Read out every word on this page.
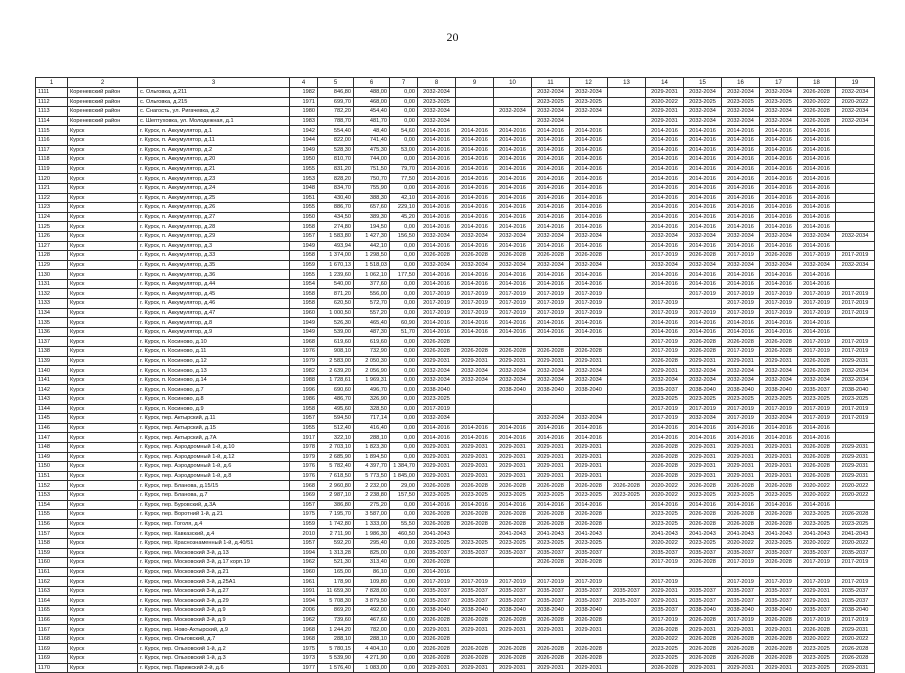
20
1	2	3	4	5	6	7	8	9	10	11	12	13	14	15	16	17	18	19
1111	Кореневский район	с. Ольговка, д.211	1982	846,80	488,00	0,00	2032-2034			2032-2034	2032-2034		2029-2031	2032-2034	2032-2034	2032-2034	2026-2028	2032-2034
1112	Кореневский район	с. Ольговка, д.215	1971	699,70	468,00	0,00	2023-2025			2023-2025	2023-2025		2020-2022	2023-2025	2023-2025	2023-2025	2020-2022	2020-2022
1113	Кореневский район	с. Снагость, ул. Ригачевка, д.2	1980	782,20	454,40	0,00	2032-2034		2032-2034	2032-2034	2032-2034		2029-2031	2032-2034	2032-2034	2032-2034	2026-2028	2032-2034
1114	Кореневский район	с. Шептуховка, ул. Молодежная, д.1	1983	788,70	481,70	0,00	2032-2034			2032-2034			2029-2031	2032-2034	2032-2034	2032-2034	2026-2028	2032-2034
1115	Курск	г. Курск, п. Аккумулятор, д.1	1942	554,40	48,40	54,60	2014-2016	2014-2016	2014-2016	2014-2016	2014-2016		2014-2016	2014-2016	2014-2016	2014-2016	2014-2016	
1116	Курск	г. Курск, п. Аккумулятор, д.11	1944	822,00	741,40	0,00	2014-2016	2014-2016	2014-2016	2014-2016	2014-2016		2014-2016	2014-2016	2014-2016	2014-2016	2014-2016	
1117	Курск	г. Курск, п. Аккумулятор, д.2	1949	528,30	475,30	53,00	2014-2016	2014-2016	2014-2016	2014-2016	2014-2016		2014-2016	2014-2016	2014-2016	2014-2016	2014-2016	
1118	Курск	г. Курск, п. Аккумулятор, д.20	1950	810,70	744,00	0,00	2014-2016	2014-2016	2014-2016	2014-2016	2014-2016		2014-2016	2014-2016	2014-2016	2014-2016	2014-2016	
1119	Курск	г. Курск, п. Аккумулятор, д.21	1955	831,20	751,50	79,70	2014-2016	2014-2016	2014-2016	2014-2016	2014-2016		2014-2016	2014-2016	2014-2016	2014-2016	2014-2016	
1120	Курск	г. Курск, п. Аккумулятор, д.23	1953	828,20	750,70	77,50	2014-2016	2014-2016	2014-2016	2014-2016	2014-2016		2014-2016	2014-2016	2014-2016	2014-2016	2014-2016	
1121	Курск	г. Курск, п. Аккумулятор, д.24	1948	834,70	755,90	0,00	2014-2016	2014-2016	2014-2016	2014-2016	2014-2016		2014-2016	2014-2016	2014-2016	2014-2016	2014-2016	
1122	Курск	г. Курск, п. Аккумулятор, д.25	1951	430,40	388,30	42,10	2014-2016	2014-2016	2014-2016	2014-2016	2014-2016		2014-2016	2014-2016	2014-2016	2014-2016	2014-2016	
1123	Курск	г. Курск, п. Аккумулятор, д.26	1955	886,70	657,60	229,10	2014-2016	2014-2016	2014-2016	2014-2016	2014-2016		2014-2016	2014-2016	2014-2016	2014-2016	2014-2016	
1124	Курск	г. Курск, п. Аккумулятор, д.27	1950	434,50	389,30	45,20	2014-2016	2014-2016	2014-2016	2014-2016	2014-2016		2014-2016	2014-2016	2014-2016	2014-2016	2014-2016	
1125	Курск	г. Курск, п. Аккумулятор, д.28	1958	274,80	194,50	0,00	2014-2016	2014-2016	2014-2016	2014-2016	2014-2016		2014-2016	2014-2016	2014-2016	2014-2016	2014-2016	
1126	Курск	г. Курск, п. Аккумулятор, д.29	1957	1 583,80	1 427,30	156,50	2032-2034	2032-2034	2032-2034	2032-2034	2032-2034		2032-2034	2032-2034	2032-2034	2032-2034	2032-2034	2032-2034
1127	Курск	г. Курск, п. Аккумулятор, д.3	1949	493,94	442,10	0,00	2014-2016	2014-2016	2014-2016	2014-2016	2014-2016		2014-2016	2014-2016	2014-2016	2014-2016	2014-2016	
1128	Курск	г. Курск, п. Аккумулятор, д.33	1958	1 374,00	1 298,50	0,00	2026-2028	2026-2028	2026-2028	2026-2028	2026-2028		2017-2019	2026-2028	2017-2019	2026-2028	2017-2019	2017-2019
1129	Курск	г. Курск, п. Аккумулятор, д.35	1959	1 670,13	1 518,03	0,00	2032-2034	2032-2034	2032-2034	2032-2034	2032-2034		2032-2034	2032-2034	2032-2034	2032-2034	2032-2034	2032-2034
1130	Курск	г. Курск, п. Аккумулятор, д.36	1955	1 239,60	1 062,10	177,50	2014-2016	2014-2016	2014-2016	2014-2016	2014-2016		2014-2016	2014-2016	2014-2016	2014-2016	2014-2016	
1131	Курск	г. Курск, п. Аккумулятор, д.44	1954	540,00	377,60	0,00	2014-2016	2014-2016	2014-2016	2014-2016	2014-2016		2014-2016	2014-2016	2014-2016	2014-2016	2014-2016	
1132	Курск	г. Курск, п. Аккумулятор, д.45	1958	871,20	556,00	0,00	2017-2019	2017-2019	2017-2019	2017-2019	2017-2019			2017-2019	2017-2019	2017-2019	2017-2019	2017-2019
1133	Курск	г. Курск, п. Аккумулятор, д.46	1958	620,50	572,70	0,00	2017-2019	2017-2019	2017-2019	2017-2019	2017-2019		2017-2019		2017-2019	2017-2019	2017-2019	2017-2019
1134	Курск	г. Курск, п. Аккумулятор, д.47	1960	1 000,50	557,20	0,00	2017-2019	2017-2019	2017-2019	2017-2019	2017-2019		2017-2019	2017-2019	2017-2019	2017-2019	2017-2019	2017-2019
1135	Курск	г. Курск, п. Аккумулятор, д.8	1949	526,30	465,40	60,90	2014-2016	2014-2016	2014-2016	2014-2016	2014-2016		2014-2016	2014-2016	2014-2016	2014-2016	2014-2016	
1136	Курск	г. Курск, п. Аккумулятор, д.9	1949	539,00	487,30	51,70	2014-2016	2014-2016	2014-2016	2014-2016	2014-2016		2014-2016	2014-2016	2014-2016	2014-2016	2014-2016	
1137	Курск	г. Курск, п. Косиново, д.10	1968	619,60	619,60	0,00	2026-2028						2017-2019	2026-2028	2026-2028	2026-2028	2017-2019	2017-2019
1138	Курск	г. Курск, п. Косиново, д.11	1976	908,10	732,90	0,00	2026-2028	2026-2028	2026-2028	2026-2028	2026-2028		2017-2019	2026-2028	2017-2019	2026-2028	2017-2019	2017-2019
1139	Курск	г. Курск, п. Косиново, д.12	1979	2 583,00	2 050,30	0,00	2029-2031	2029-2031	2029-2031	2029-2031	2029-2031		2026-2028	2029-2031	2029-2031	2029-2031	2026-2028	2029-2031
1140	Курск	г. Курск, п. Косиново, д.13	1982	2 639,20	2 056,90	0,00	2032-2034	2032-2034	2032-2034	2032-2034	2032-2034		2029-2031	2032-2034	2032-2034	2032-2034	2026-2028	2032-2034
1141	Курск	г. Курск, п. Косиново, д.14	1988	1 728,61	1 969,31	0,00	2032-2034	2032-2034	2032-2034	2032-2034	2032-2034		2032-2034	2032-2034	2032-2034	2032-2034	2032-2034	2032-2034
1142	Курск	г. Курск, п. Косиново, д.7	1996	690,60	496,70	0,00	2038-2040		2038-2040	2038-2040	2038-2040		2035-2037	2038-2040	2038-2040	2038-2040	2035-2037	2038-2040
1143	Курск	г. Курск, п. Косиново, д.8	1986	486,70	326,90	0,00	2023-2025						2023-2025	2023-2025	2023-2025	2023-2025	2023-2025	2023-2025
1144	Курск	г. Курск, п. Косиново, д.9	1958	495,60	328,50	0,00	2017-2019						2017-2019	2017-2019	2017-2019	2017-2019	2017-2019	2017-2019
1145	Курск	г. Курск, пер. Актырский, д.11	1957	594,50	717,14	0,00	2032-2034			2032-2034	2032-2034		2017-2019	2032-2034	2017-2019	2032-2034	2017-2019	2017-2019
1146	Курск	г. Курск, пер. Актырский, д.15	1955	512,40	416,40	0,00	2014-2016	2014-2016	2014-2016	2014-2016	2014-2016		2014-2016	2014-2016	2014-2016	2014-2016	2014-2016	
1147	Курск	г. Курск, пер. Актырский, д.7А	1917	322,10	288,10	0,00	2014-2016	2014-2016	2014-2016	2014-2016	2014-2016		2014-2016	2014-2016	2014-2016	2014-2016	2014-2016	
1148	Курск	г. Курск, пер. Аэродромный 1-й, д.10	1978	2 703,10	1 823,30	0,00	2029-2031	2029-2031	2029-2031	2029-2031	2029-2031		2026-2028	2029-2031	2029-2031	2029-2031	2026-2028	2029-2031
1149	Курск	г. Курск, пер. Аэродромный 1-й, д.12	1979	2 685,90	1 894,50	0,00	2029-2031	2029-2031	2029-2031	2029-2031	2029-2031		2026-2028	2029-2031	2029-2031	2029-2031	2026-2028	2029-2031
1150	Курск	г. Курск, пер. Аэродромный 1-й, д.6	1976	5 782,40	4 397,70	1 384,70	2029-2031	2029-2031	2029-2031	2029-2031	2029-2031		2026-2028	2029-2031	2029-2031	2029-2031	2026-2028	2029-2031
1151	Курск	г. Курск, пер. Аэродромный 1-й, д.8	1976	7 618,50	5 773,50	1 845,00	2029-2031	2029-2031	2029-2031	2029-2031	2029-2031		2026-2028	2029-2031	2029-2031	2029-2031	2026-2028	2029-2031
1152	Курск	г. Курск, пер. Бланова, д.15/15	1968	2 960,80	2 232,00	29,00	2026-2028	2026-2028	2026-2028	2026-2028	2026-2028	2026-2028	2020-2022	2026-2028	2026-2028	2026-2028	2020-2022	2020-2022
1153	Курск	г. Курск, пер. Бланова, д.7	1969	2 987,10	2 238,80	157,50	2023-2025	2023-2025	2023-2025	2023-2025	2023-2025	2023-2025	2020-2022	2023-2025	2023-2025	2023-2025	2020-2022	2020-2022
1154	Курск	г. Курск, пер. Буровский, д.3А	1957	386,80	275,20	0,00	2014-2016	2014-2016	2014-2016	2014-2016	2014-2016		2014-2016	2014-2016	2014-2016	2014-2016	2014-2016	
1155	Курск	г. Курск, пер. Воротний 1-й, д.21	1975	7 195,70	3 587,00	0,00	2026-2028	2026-2028	2026-2028	2026-2028	2026-2028		2023-2025	2026-2028	2026-2028	2026-2028	2023-2025	2026-2028
1156	Курск	г. Курск, пер. Гоголя, д.4	1959	1 742,80	1 333,00	55,50	2026-2028	2026-2028	2026-2028	2026-2028	2026-2028		2023-2025	2026-2028	2026-2028	2026-2028	2023-2025	2023-2025
1157	Курск	г. Курск, пер. Кавказский, д.4	2010	2 711,90	1 986,30	460,50	2041-2043		2041-2043	2041-2043	2041-2043		2041-2043	2041-2043	2041-2043	2041-2043	2041-2043	2041-2043
1158	Курск	г. Курск, пер. Краснознаменный 1-й, д.40/51	1957	592,20	295,40	0,00	2023-2025	2023-2025	2023-2025	2023-2025	2023-2025		2020-2022	2023-2025	2020-2022	2023-2025	2020-2022	2020-2022
1159	Курск	г. Курск, пер. Московский 3-й, д.13	1994	1 313,28	825,00	0,00	2035-2037	2035-2037	2035-2037	2035-2037	2035-2037		2035-2037	2035-2037	2035-2037	2035-2037	2035-2037	2035-2037
1160	Курск	г. Курск, пер. Московский 3-й, д.17 корп.19	1962	521,30	313,40	0,00	2026-2028			2026-2028	2026-2028		2017-2019	2026-2028	2017-2019	2026-2028	2017-2019	2017-2019
1161	Курск	г. Курск, пер. Московский 3-й, д.21	1960	165,00	86,10	0,00	2014-2016											
1162	Курск	г. Курск, пер. Московский 3-й, д.25А1	1961	178,90	109,80	0,00	2017-2019	2017-2019	2017-2019	2017-2019	2017-2019		2017-2019		2017-2019	2017-2019	2017-2019	2017-2019
1163	Курск	г. Курск, пер. Московский 3-й, д.27	1991	11 659,30	7 828,00	0,00	2035-2037	2035-2037	2035-2037	2035-2037	2035-2037	2035-2037	2029-2031	2035-2037	2035-2037	2035-2037	2029-2031	2035-2037
1164	Курск	г. Курск, пер. Московский 3-й, д.29	1994	5 708,30	3 879,50	0,00	2035-2037	2035-2037	2035-2037	2035-2037	2035-2037	2035-2037	2029-2031	2035-2037	2035-2037	2035-2037	2029-2031	2035-2037
1165	Курск	г. Курск, пер. Московский 3-й, д.9	2006	869,20	492,00	0,00	2038-2040	2038-2040	2038-2040	2038-2040	2038-2040		2035-2037	2038-2040	2038-2040	2038-2040	2035-2037	2038-2040
1166	Курск	г. Курск, пер. Московский 3-й, д.9	1962	739,60	467,60	0,00	2026-2028	2026-2028	2026-2028	2026-2028	2026-2028		2017-2019	2026-2028	2017-2019	2026-2028	2017-2019	2017-2019
1167	Курск	г. Курск, пер. Ново-Ахтырский, д.9	1968	1 244,20	782,00	0,00	2029-2031	2029-2031	2029-2031	2029-2031	2029-2031		2026-2028	2029-2031	2029-2031	2029-2031	2026-2028	2029-2031
1168	Курск	г. Курск, пер. Ольговский, д.7	1968	288,10	288,10	0,00	2026-2028						2020-2022	2026-2028	2026-2028	2026-2028	2020-2022	2020-2022
1169	Курск	г. Курск, пер. Ольховский 1-й, д.2	1975	5 780,15	4 404,10	0,00	2026-2028	2026-2028	2026-2028	2026-2028	2026-2028		2023-2025	2026-2028	2026-2028	2026-2028	2023-2025	2026-2028
1169	Курск	г. Курск, пер. Ольховский 1-й, д.3	1973	5 539,90	4 271,90	0,00	2026-2028	2026-2028	2026-2028	2026-2028	2026-2028		2023-2025	2026-2028	2026-2028	2026-2028	2023-2025	2026-2028
1170	Курск	г. Курск, пер. Парижский 2-й, д.6	1977	1 576,40	1 083,00	0,00	2029-2031	2029-2031	2029-2031	2029-2031	2029-2031		2026-2028	2029-2031	2029-2031	2029-2031	2023-2025	2029-2031
